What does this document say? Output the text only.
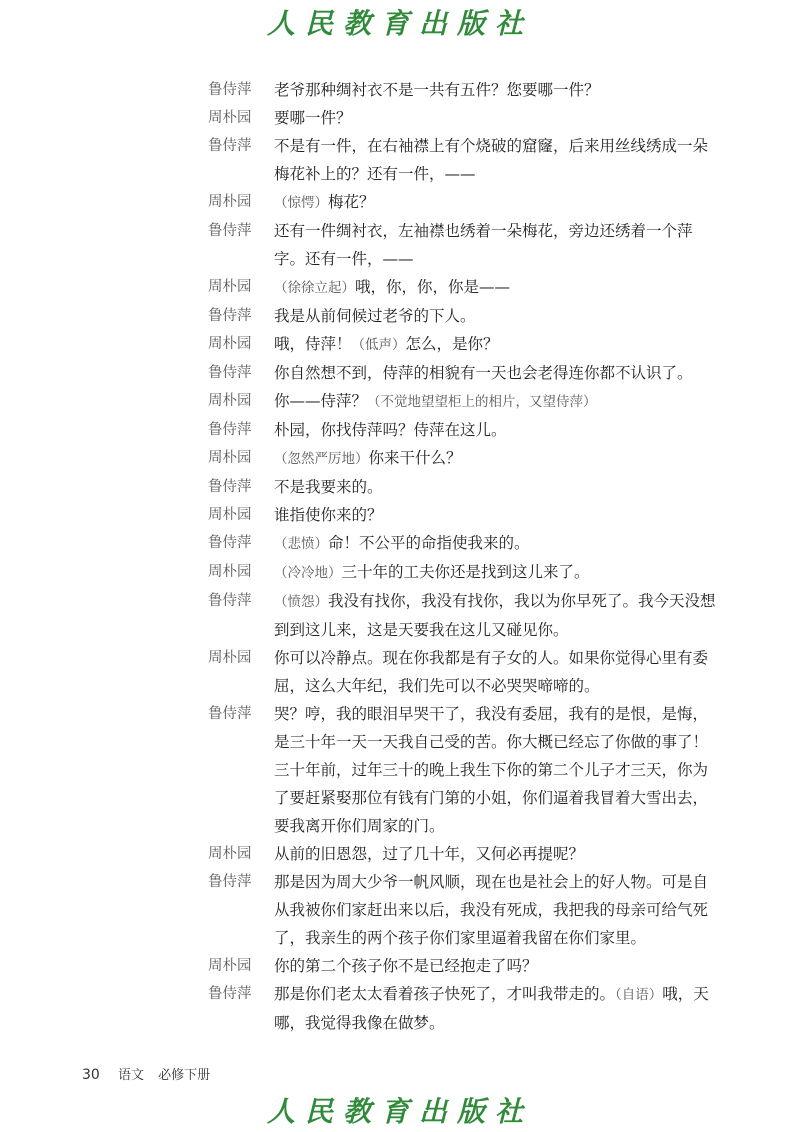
人民教育出版社
鲁侍萍	老爷那种绸衬衣不是一共有五件？您要哪一件？
周朴园	要哪一件？
鲁侍萍	不是有一件，在右袖襟上有个烧破的窟窿，后来用丝线绣成一朵梅花补上的？还有一件，——
周朴园	（惊愕）梅花？
鲁侍萍	还有一件绸衬衣，左袖襟也绣着一朵梅花，旁边还绣着一个萍字。还有一件，——
周朴园	（徐徐立起）哦，你，你，你是——
鲁侍萍	我是从前伺候过老爷的下人。
周朴园	哦，侍萍！（低声）怎么，是你？
鲁侍萍	你自然想不到，侍萍的相貌有一天也会老得连你都不认识了。
周朴园	你——侍萍？（不觉地望望柜上的相片，又望侍萍）
鲁侍萍	朴园，你找侍萍吗？侍萍在这儿。
周朴园	（忽然严厉地）你来干什么？
鲁侍萍	不是我要来的。
周朴园	谁指使你来的？
鲁侍萍	（悲愤）命！不公平的命指使我来的。
周朴园	（冷冷地）三十年的工夫你还是找到这儿来了。
鲁侍萍	（愤怨）我没有找你，我没有找你，我以为你早死了。我今天没想到到这儿来，这是天要我在这儿又碰见你。
周朴园	你可以冷静点。现在你我都是有子女的人。如果你觉得心里有委屈，这么大年纪，我们先可以不必哭哭啼啼的。
鲁侍萍	哭？哼，我的眼泪早哭干了，我没有委屈，我有的是恨，是悔，是三十年一天一天我自己受的苦。你大概已经忘了你做的事了！三十年前，过年三十的晚上我生下你的第二个儿子才三天，你为了要赶紧娶那位有钱有门第的小姐，你们逼着我冒着大雪出去，要我离开你们周家的门。
周朴园	从前的旧恩怨，过了几十年，又何必再提呢？
鲁侍萍	那是因为周大少爷一帆风顺，现在也是社会上的好人物。可是自从我被你们家赶出来以后，我没有死成，我把我的母亲可给气死了，我亲生的两个孩子你们家里逼着我留在你们家里。
周朴园	你的第二个孩子你不是已经抱走了吗？
鲁侍萍	那是你们老太太看着孩子快死了，才叫我带走的。（自语）哦，天哪，我觉得我像在做梦。
30 语文 必修下册
人民教育出版社
